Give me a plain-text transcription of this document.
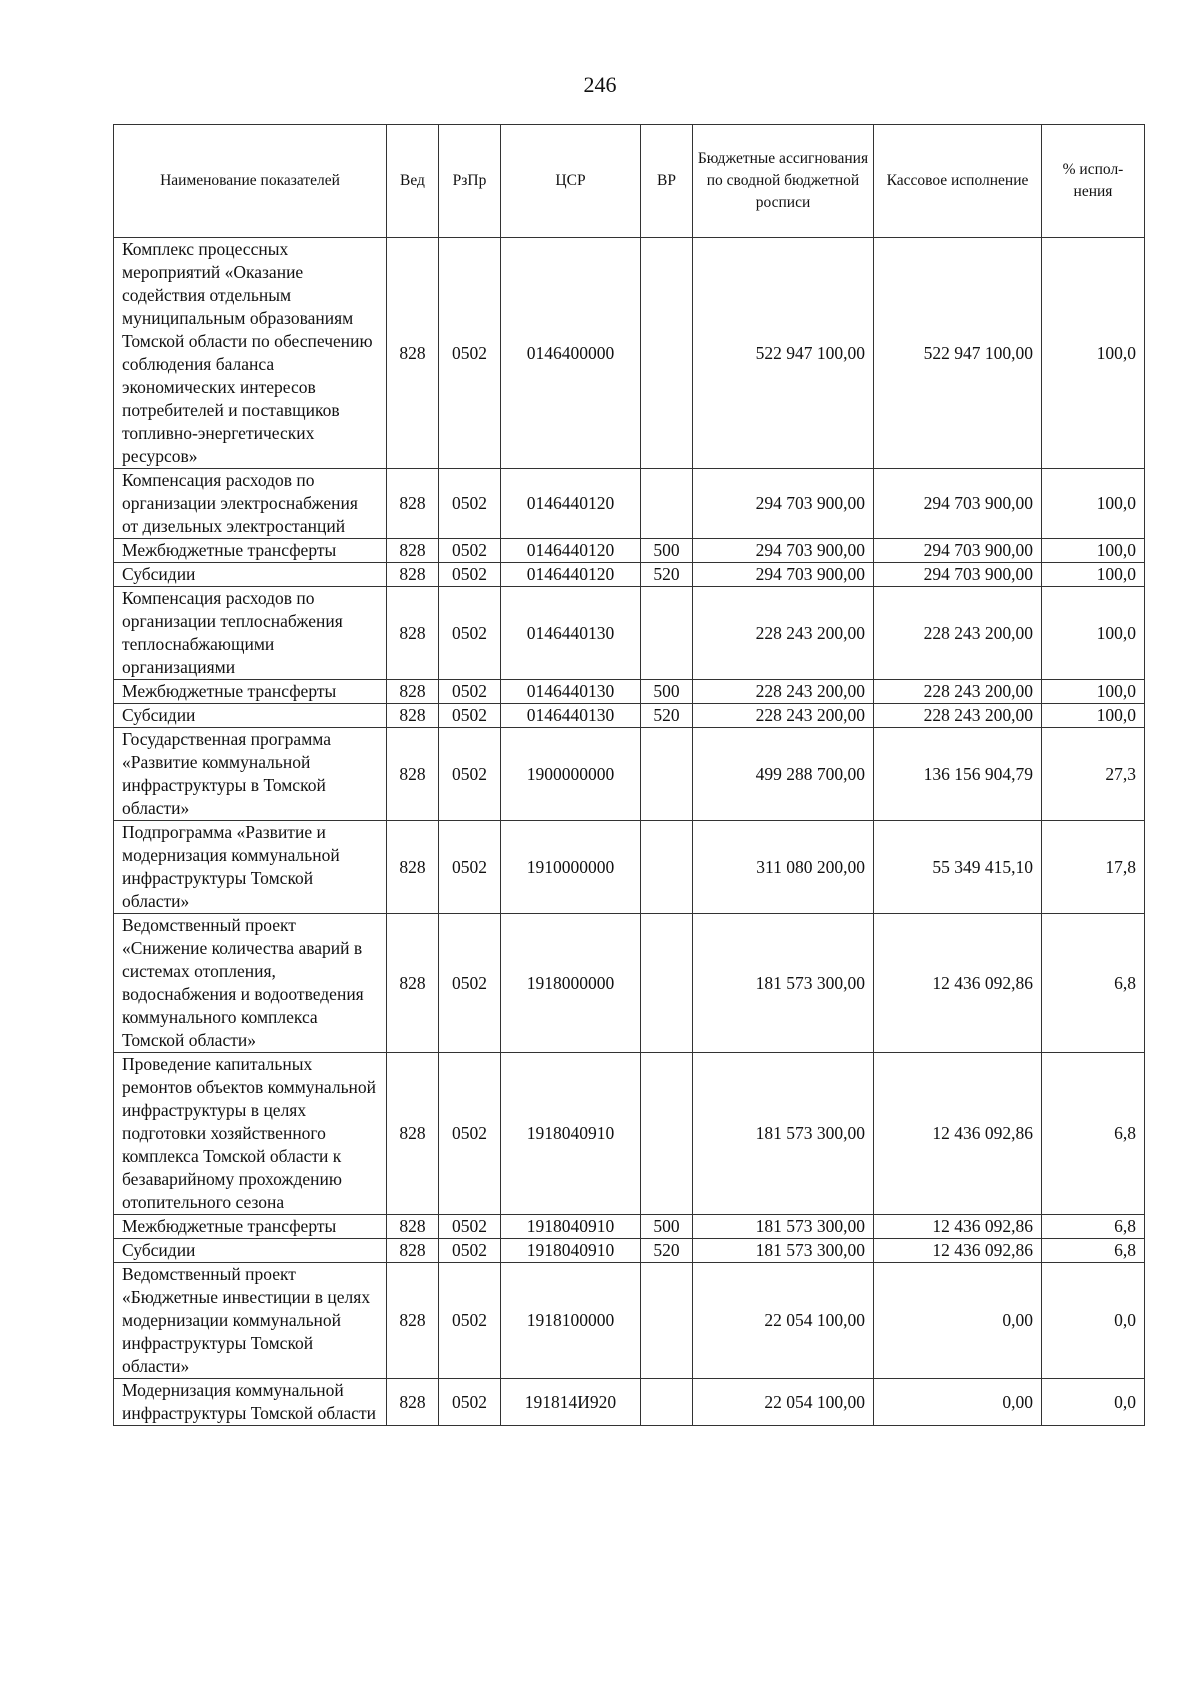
246
Наименование показателей	Вед	РзПр	ЦСР	ВР	Бюджетные ассигнования по сводной бюджетной росписи	Кассовое исполнение	% испол-нения
Комплекс процессных мероприятий «Оказание содействия отдельным муниципальным образованиям Томской области по обеспечению соблюдения баланса экономических интересов потребителей и поставщиков топливно-энергетических ресурсов»	828	0502	0146400000		522 947 100,00	522 947 100,00	100,0
Компенсация расходов по организации электроснабжения от дизельных электростанций	828	0502	0146440120		294 703 900,00	294 703 900,00	100,0
Межбюджетные трансферты	828	0502	0146440120	500	294 703 900,00	294 703 900,00	100,0
Субсидии	828	0502	0146440120	520	294 703 900,00	294 703 900,00	100,0
Компенсация расходов по организации теплоснабжения теплоснабжающими организациями	828	0502	0146440130		228 243 200,00	228 243 200,00	100,0
Межбюджетные трансферты	828	0502	0146440130	500	228 243 200,00	228 243 200,00	100,0
Субсидии	828	0502	0146440130	520	228 243 200,00	228 243 200,00	100,0
Государственная программа «Развитие коммунальной инфраструктуры в Томской области»	828	0502	1900000000		499 288 700,00	136 156 904,79	27,3
Подпрограмма «Развитие и модернизация коммунальной инфраструктуры Томской области»	828	0502	1910000000		311 080 200,00	55 349 415,10	17,8
Ведомственный проект «Снижение количества аварий в системах отопления, водоснабжения и водоотведения коммунального комплекса Томской области»	828	0502	1918000000		181 573 300,00	12 436 092,86	6,8
Проведение капитальных ремонтов объектов коммунальной инфраструктуры в целях подготовки хозяйственного комплекса Томской области к безаварийному прохождению отопительного сезона	828	0502	1918040910		181 573 300,00	12 436 092,86	6,8
Межбюджетные трансферты	828	0502	1918040910	500	181 573 300,00	12 436 092,86	6,8
Субсидии	828	0502	1918040910	520	181 573 300,00	12 436 092,86	6,8
Ведомственный проект «Бюджетные инвестиции в целях модернизации коммунальной инфраструктуры Томской области»	828	0502	1918100000		22 054 100,00	0,00	0,0
Модернизация коммунальной инфраструктуры Томской области	828	0502	191814И920		22 054 100,00	0,00	0,0
